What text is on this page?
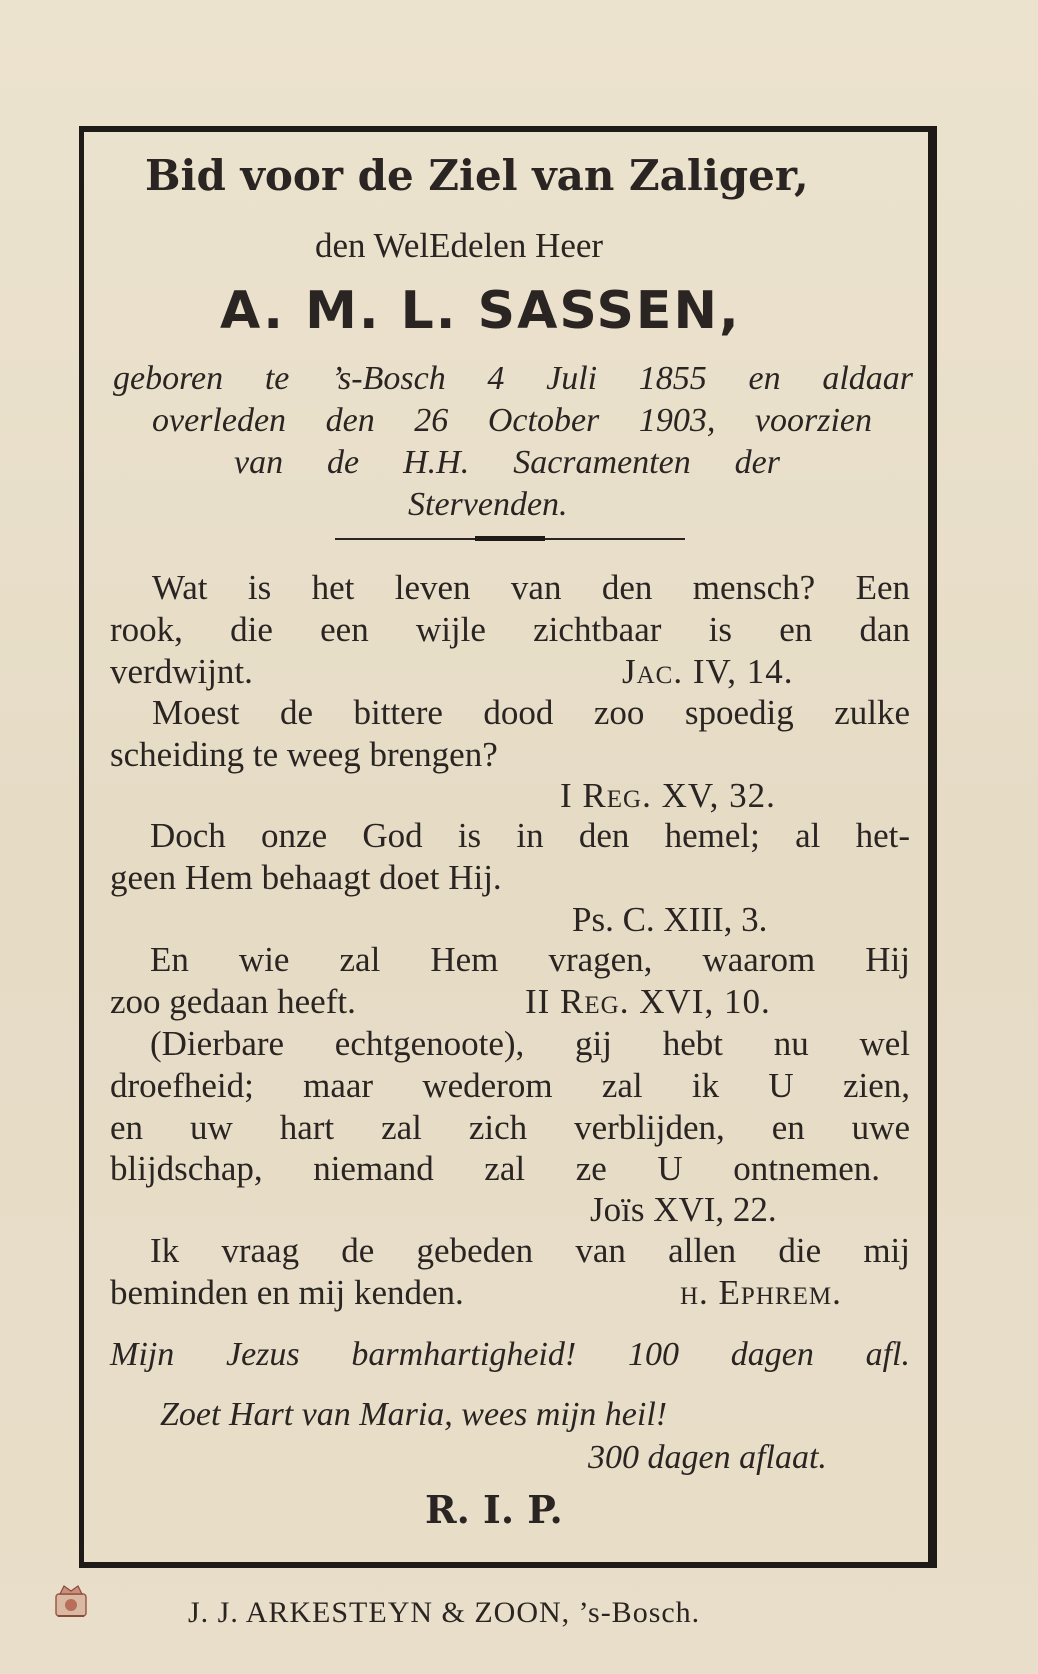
Bid voor de Ziel van Zaliger,
den WelEdelen Heer
A. M. L. SASSEN,
geboren te ’s-Bosch 4 Juli 1855 en aldaar
overleden den 26 October 1903, voorzien
van de H.H. Sacramenten der
Stervenden.
Wat is het leven van den mensch? Een
rook, die een wijle zichtbaar is en dan
verdwijnt.	Jac. IV, 14.
Moest de bittere dood zoo spoedig zulke
scheiding te weeg brengen?
I Reg. XV, 32.
Doch onze God is in den hemel; al het-
geen Hem behaagt doet Hij.
Ps. C. XIII, 3.
En wie zal Hem vragen, waarom Hij
zoo gedaan heeft.	II Reg. XVI, 10.
(Dierbare echtgenoote), gij hebt nu wel
droefheid; maar wederom zal ik U zien,
en uw hart zal zich verblijden, en uwe
blijdschap, niemand zal ze U ontnemen.
Joïs XVI, 22.
Ik vraag de gebeden van allen die mij
beminden en mij kenden.	h. Ephrem.
Mijn Jezus barmhartigheid! 100 dagen afl.
Zoet Hart van Maria, wees mijn heil!
300 dagen aflaat.
R. I. P.
J. J. ARKESTEYN & ZOON, ’s-Bosch.
